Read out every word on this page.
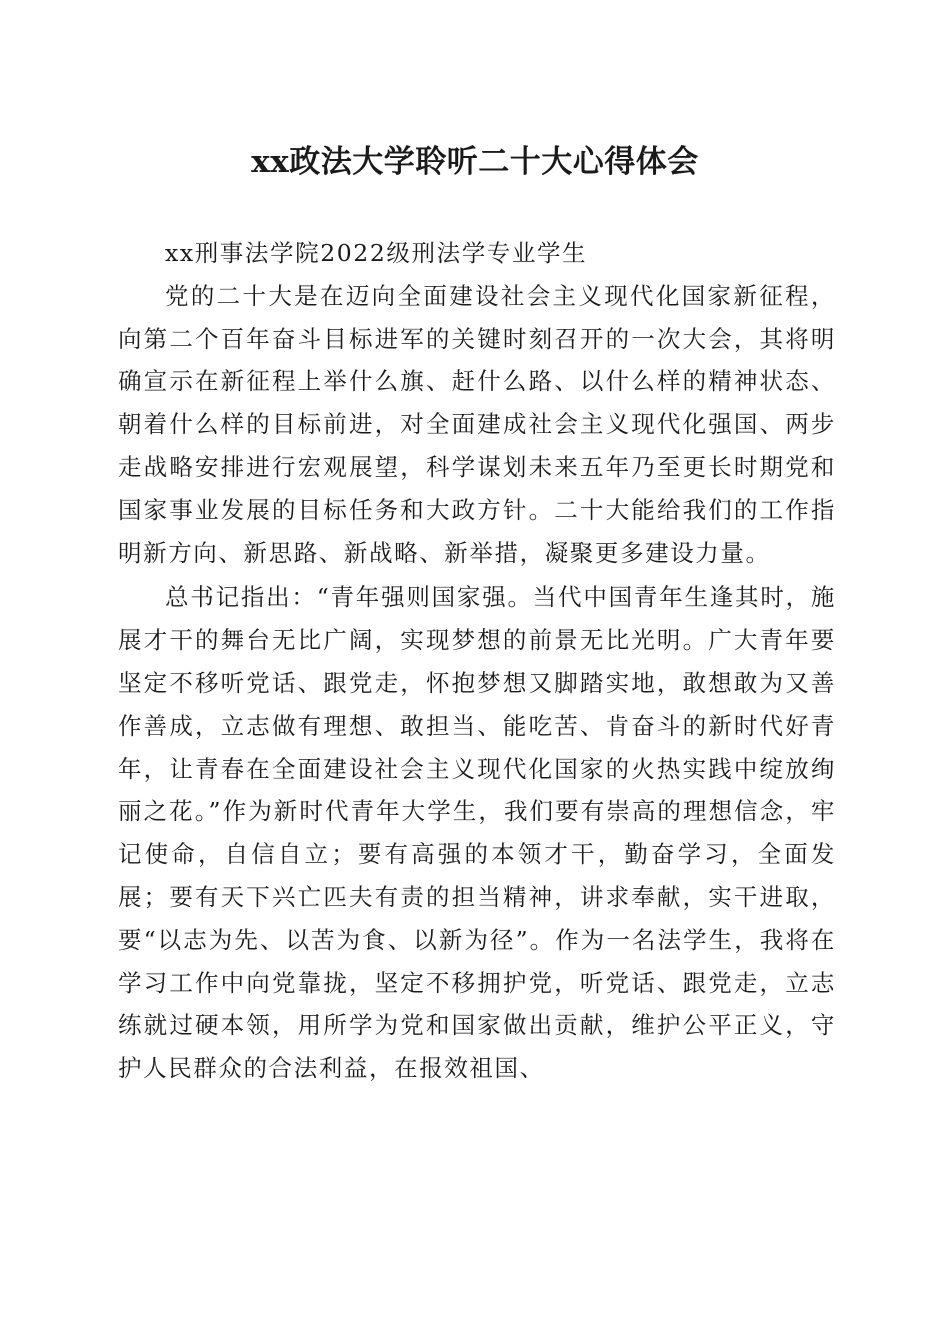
xx政法大学聆听二十大心得体会

xx刑事法学院2022级刑法学专业学生

党的二十大是在迈向全面建设社会主义现代化国家新征程，向第二个百年奋斗目标进军的关键时刻召开的一次大会，其将明确宣示在新征程上举什么旗、赶什么路、以什么样的精神状态、朝着什么样的目标前进，对全面建成社会主义现代化强国、两步走战略安排进行宏观展望，科学谋划未来五年乃至更长时期党和国家事业发展的目标任务和大政方针。二十大能给我们的工作指明新方向、新思路、新战略、新举措，凝聚更多建设力量。

总书记指出：“青年强则国家强。当代中国青年生逢其时，施展才干的舞台无比广阔，实现梦想的前景无比光明。广大青年要坚定不移听党话、跟党走，怀抱梦想又脚踏实地，敢想敢为又善作善成，立志做有理想、敢担当、能吃苦、肯奋斗的新时代好青年，让青春在全面建设社会主义现代化国家的火热实践中绽放绚丽之花。”作为新时代青年大学生，我们要有崇高的理想信念，牢记使命，自信自立；要有高强的本领才干，勤奋学习，全面发展；要有天下兴亡匹夫有责的担当精神，讲求奉献，实干进取，要“以志为先、以苦为食、以新为径”。作为一名法学生，我将在学习工作中向党靠拢，坚定不移拥护党，听党话、跟党走，立志练就过硬本领，用所学为党和国家做出贡献，维护公平正义，守护人民群众的合法利益，在报效祖国、
